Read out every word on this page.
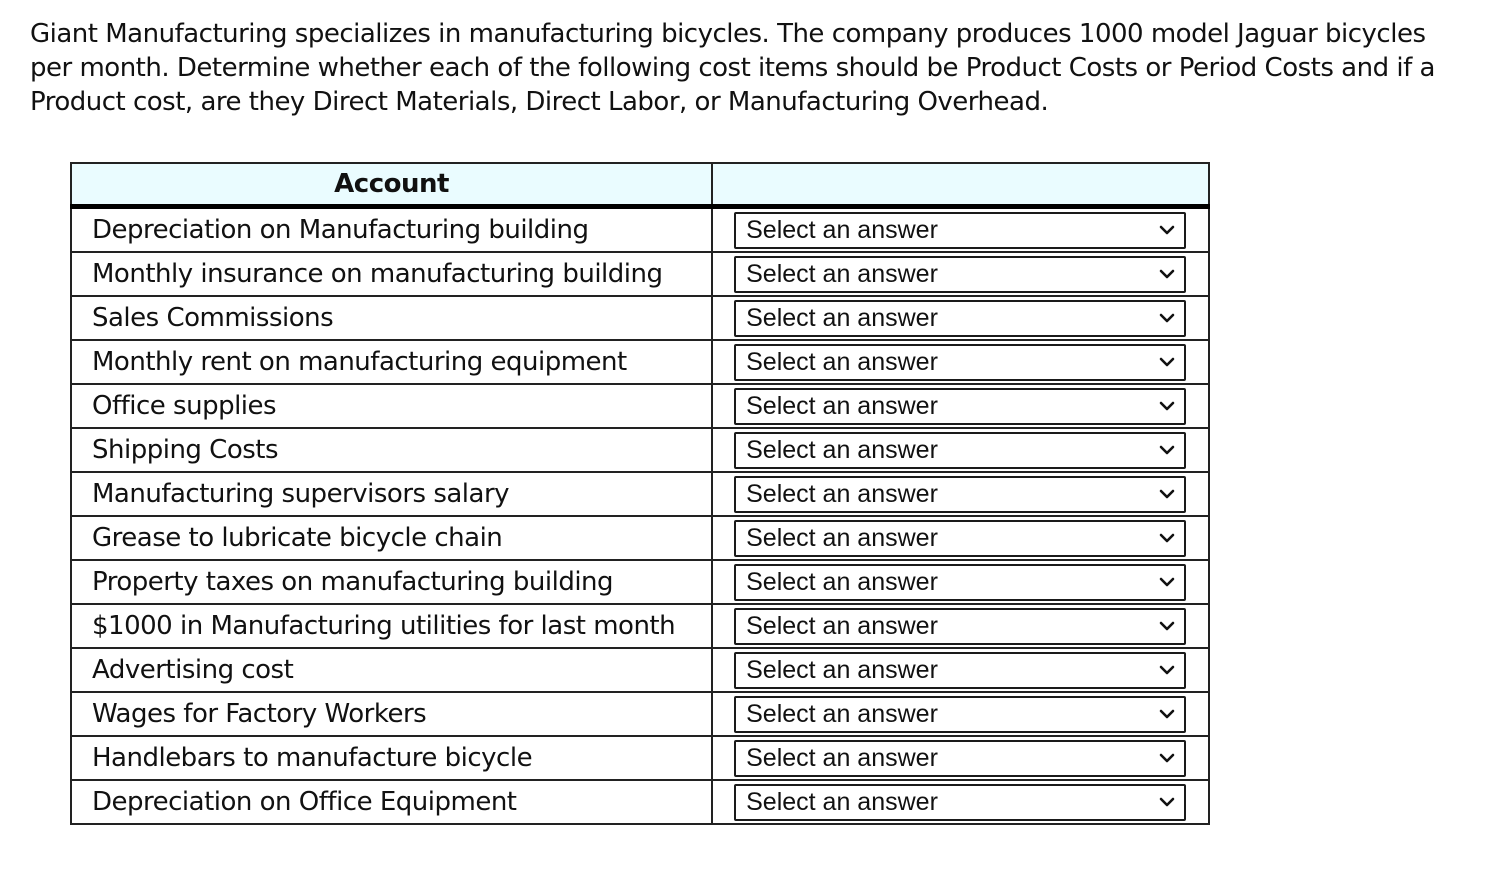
Giant Manufacturing specializes in manufacturing bicycles. The company produces 1000 model Jaguar bicycles per month. Determine whether each of the following cost items should be Product Costs or Period Costs and if a Product cost, are they Direct Materials, Direct Labor, or Manufacturing Overhead.

Account	
Depreciation on Manufacturing building	Select an answer

Monthly insurance on manufacturing building	Select an answer

Sales Commissions	Select an answer

Monthly rent on manufacturing equipment	Select an answer

Office supplies	Select an answer

Shipping Costs	Select an answer

Manufacturing supervisors salary	Select an answer

Grease to lubricate bicycle chain	Select an answer

Property taxes on manufacturing building	Select an answer

$1000 in Manufacturing utilities for last month	Select an answer

Advertising cost	Select an answer

Wages for Factory Workers	Select an answer

Handlebars to manufacture bicycle	Select an answer

Depreciation on Office Equipment	Select an answer
